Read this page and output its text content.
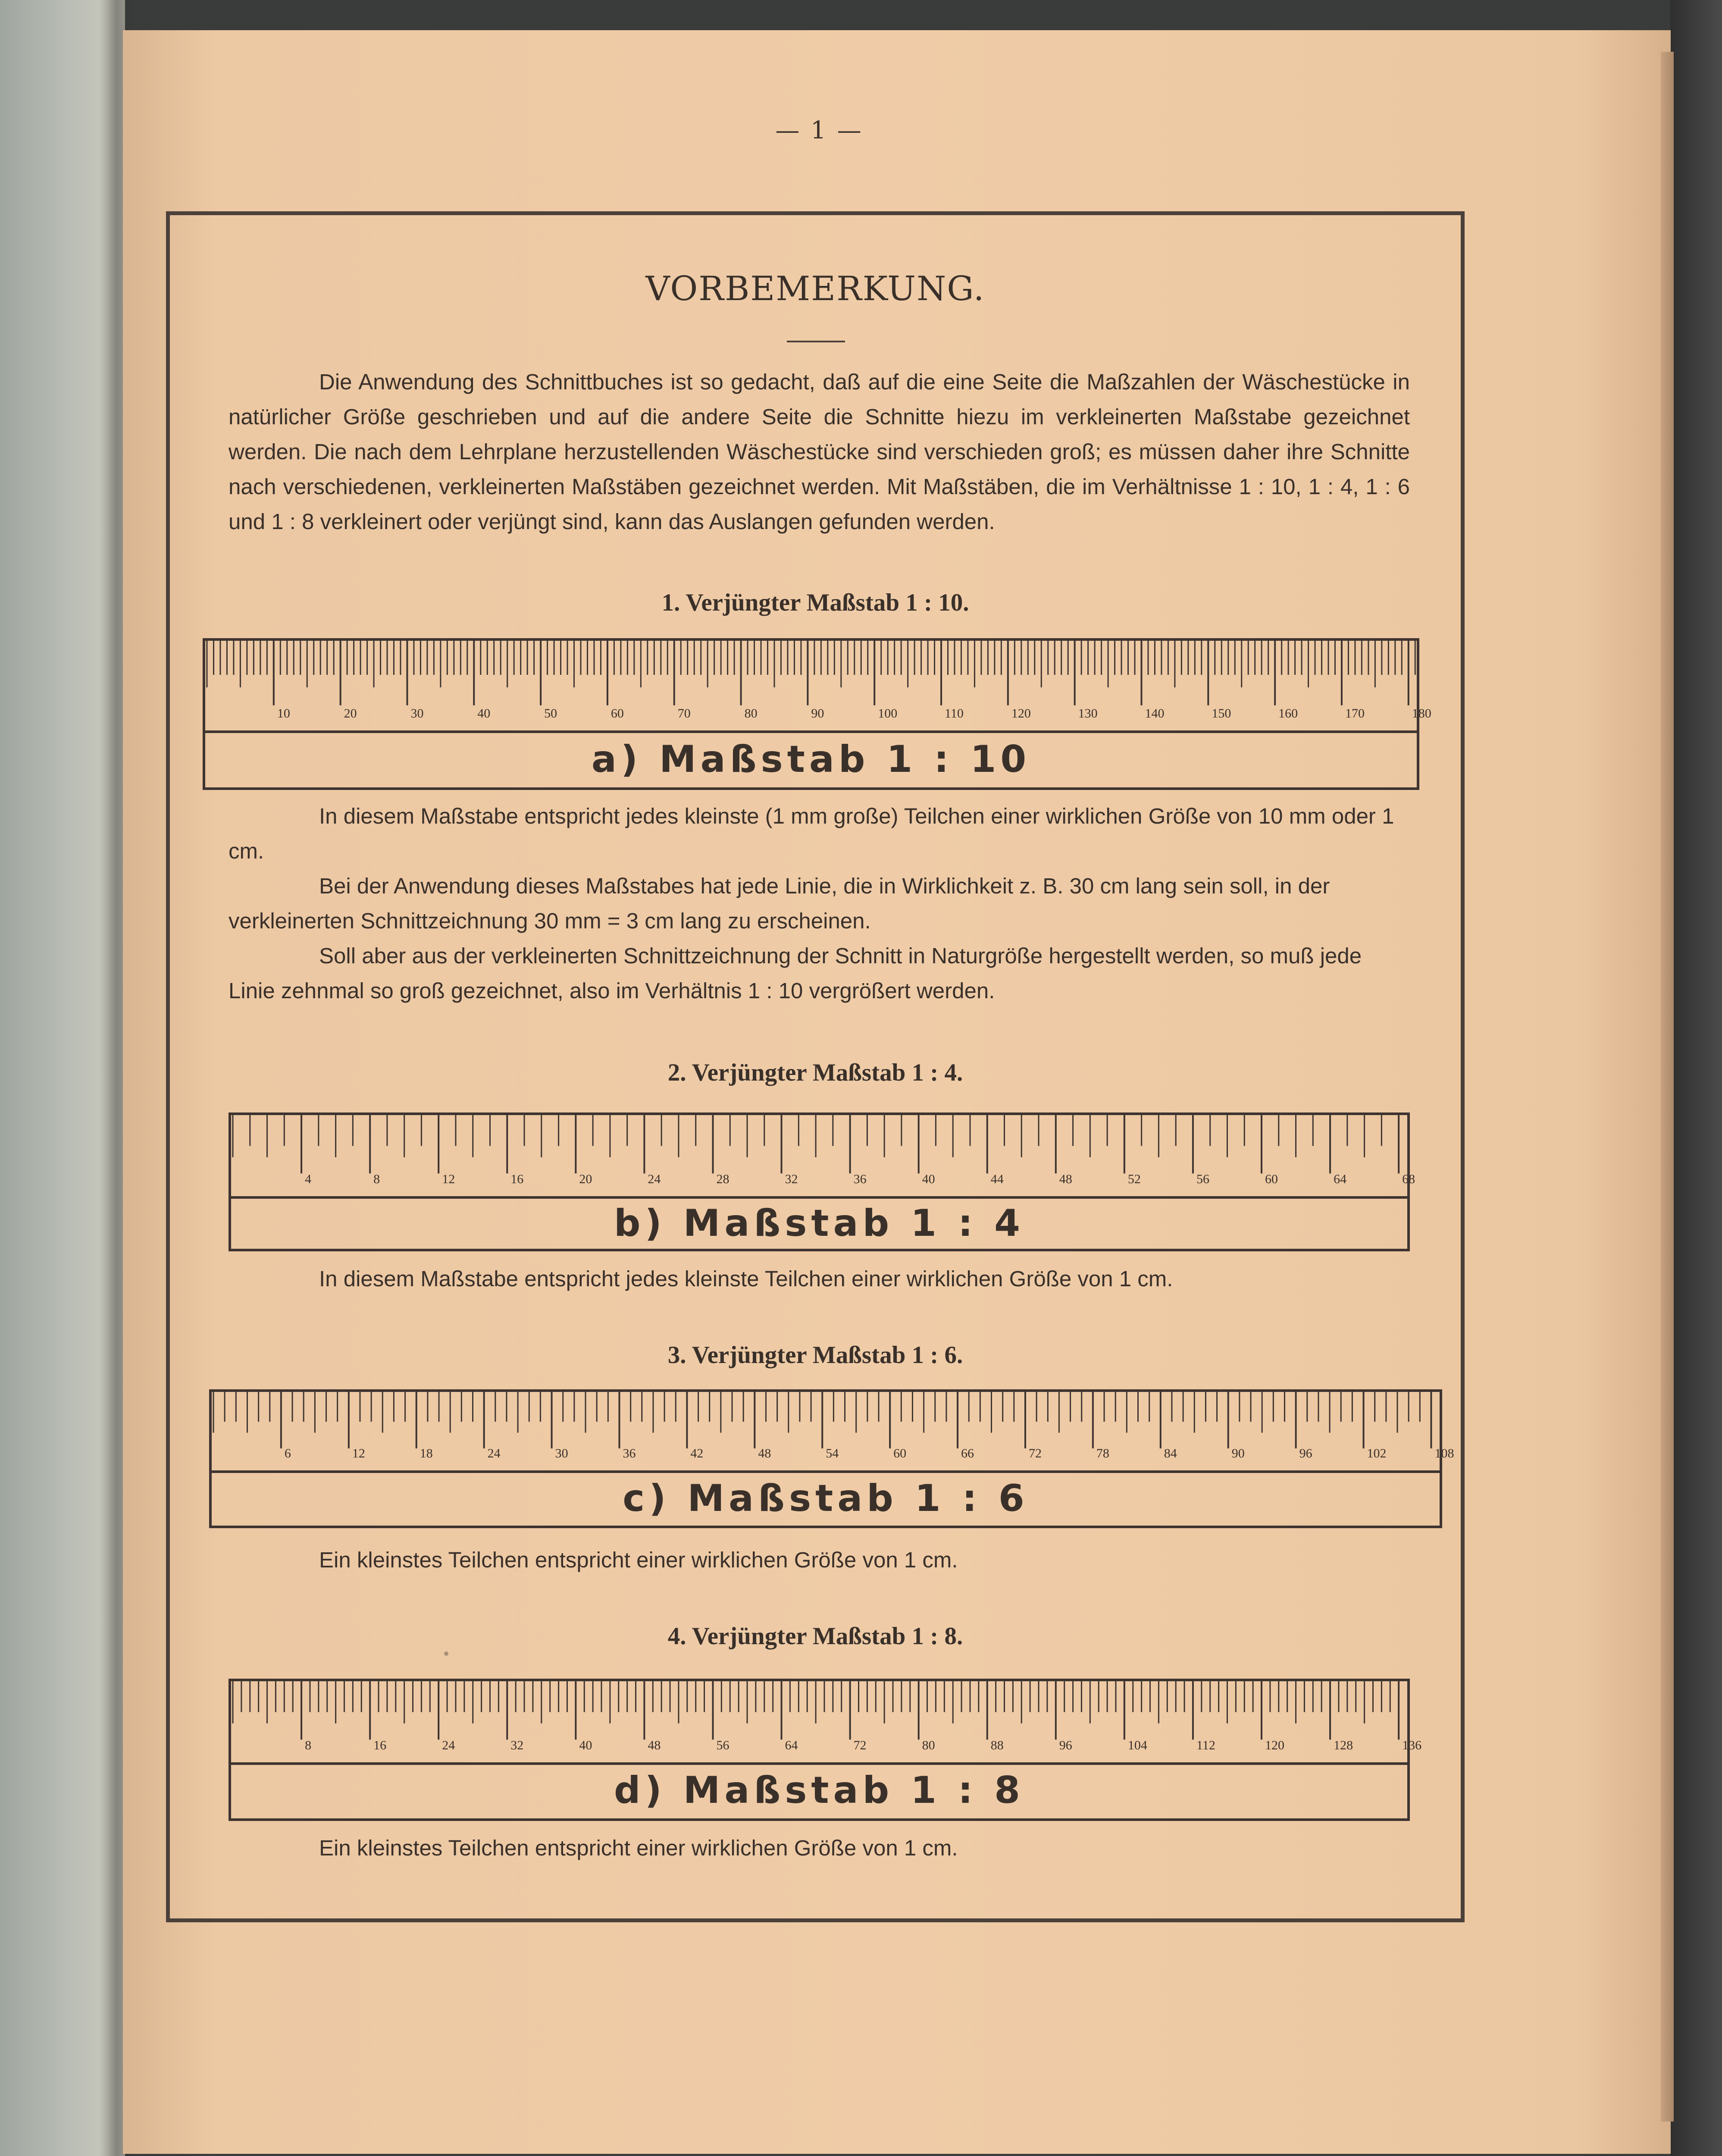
— 1 —
VORBEMERKUNG.
Die Anwendung des Schnittbuches ist so gedacht, daß auf die eine Seite die Maßzahlen der Wäschestücke in natürlicher Größe geschrieben und auf die andere Seite die Schnitte hiezu im verkleinerten Maßstabe gezeichnet werden. Die nach dem Lehrplane herzustellenden Wäschestücke sind verschieden groß; es müssen daher ihre Schnitte nach verschiedenen, verkleinerten Maßstäben gezeichnet werden. Mit Maßstäben, die im Verhältnisse 1 : 10, 1 : 4, 1 : 6 und 1 : 8 verkleinert oder verjüngt sind, kann das Auslangen gefunden werden.
1. Verjüngter Maßstab 1 : 10.
10	20	30	40	50	60	70	80	90	100	110	120	130	140	150	160	170	180
a) Maßstab 1 : 10
In diesem Maßstabe entspricht jedes kleinste (1 mm große) Teilchen einer wirklichen Größe von 10 mm oder 1 cm.
Bei der Anwendung dieses Maßstabes hat jede Linie, die in Wirklichkeit z. B. 30 cm lang sein soll, in der verkleinerten Schnittzeichnung 30 mm = 3 cm lang zu erscheinen.
Soll aber aus der verkleinerten Schnittzeichnung der Schnitt in Naturgröße hergestellt werden, so muß jede Linie zehnmal so groß gezeichnet, also im Verhältnis 1 : 10 vergrößert werden.
2. Verjüngter Maßstab 1 : 4.
4	8	12	16	20	24	28	32	36	40	44	48	52	56	60	64	68
b) Maßstab 1 : 4
In diesem Maßstabe entspricht jedes kleinste Teilchen einer wirklichen Größe von 1 cm.
3. Verjüngter Maßstab 1 : 6.
6	12	18	24	30	36	42	48	54	60	66	72	78	84	90	96	102	108
c) Maßstab 1 : 6
Ein kleinstes Teilchen entspricht einer wirklichen Größe von 1 cm.
4. Verjüngter Maßstab 1 : 8.
8	16	24	32	40	48	56	64	72	80	88	96	104	112	120	128	136
d) Maßstab 1 : 8
Ein kleinstes Teilchen entspricht einer wirklichen Größe von 1 cm.
